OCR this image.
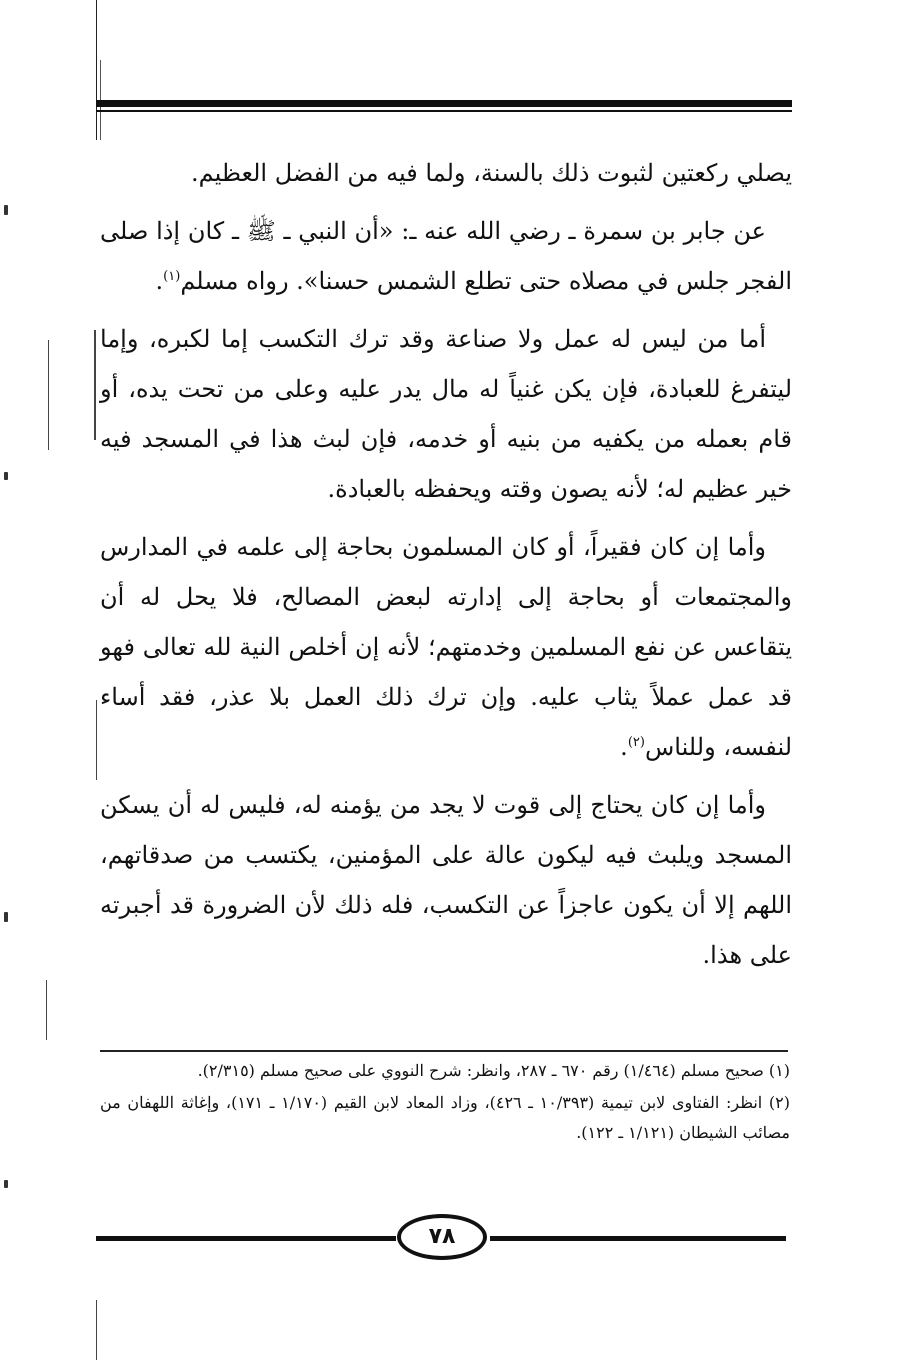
يصلي ركعتين لثبوت ذلك بالسنة، ولما فيه من الفضل العظيم.

عن جابر بن سمرة ـ رضي الله عنه ـ: «أن النبي ـ ﷺ ـ كان إذا صلى الفجر جلس في مصلاه حتى تطلع الشمس حسنا». رواه مسلم$^{(١)}$.

أما من ليس له عمل ولا صناعة وقد ترك التكسب إما لكبره، وإما ليتفرغ للعبادة، فإن يكن غنياً له مال يدر عليه وعلى من تحت يده، أو قام بعمله من يكفيه من بنيه أو خدمه، فإن لبث هذا في المسجد فيه خير عظيم له؛ لأنه يصون وقته ويحفظه بالعبادة.

وأما إن كان فقيراً، أو كان المسلمون بحاجة إلى علمه في المدارس والمجتمعات أو بحاجة إلى إدارته لبعض المصالح، فلا يحل له أن يتقاعس عن نفع المسلمين وخدمتهم؛ لأنه إن أخلص النية لله تعالى فهو قد عمل عملاً يثاب عليه. وإن ترك ذلك العمل بلا عذر، فقد أساء لنفسه، وللناس$^{(٢)}$.

وأما إن كان يحتاج إلى قوت لا يجد من يؤمنه له، فليس له أن يسكن المسجد ويلبث فيه ليكون عالة على المؤمنين، يكتسب من صدقاتهم، اللهم إلا أن يكون عاجزاً عن التكسب، فله ذلك لأن الضرورة قد أجبرته على هذا.

(١) صحيح مسلم (١/٤٦٤) رقم ٦٧٠ ـ ٢٨٧، وانظر: شرح النووي على صحيح مسلم (٢/٣١٥).

(٢) انظر: الفتاوى لابن تيمية (١٠/٣٩٣ ـ ٤٢٦)، وزاد المعاد لابن القيم (١/١٧٠ ـ ١٧١)، وإغاثة اللهفان من مصائب الشيطان (١/١٢١ ـ ١٢٢).

٧٨
